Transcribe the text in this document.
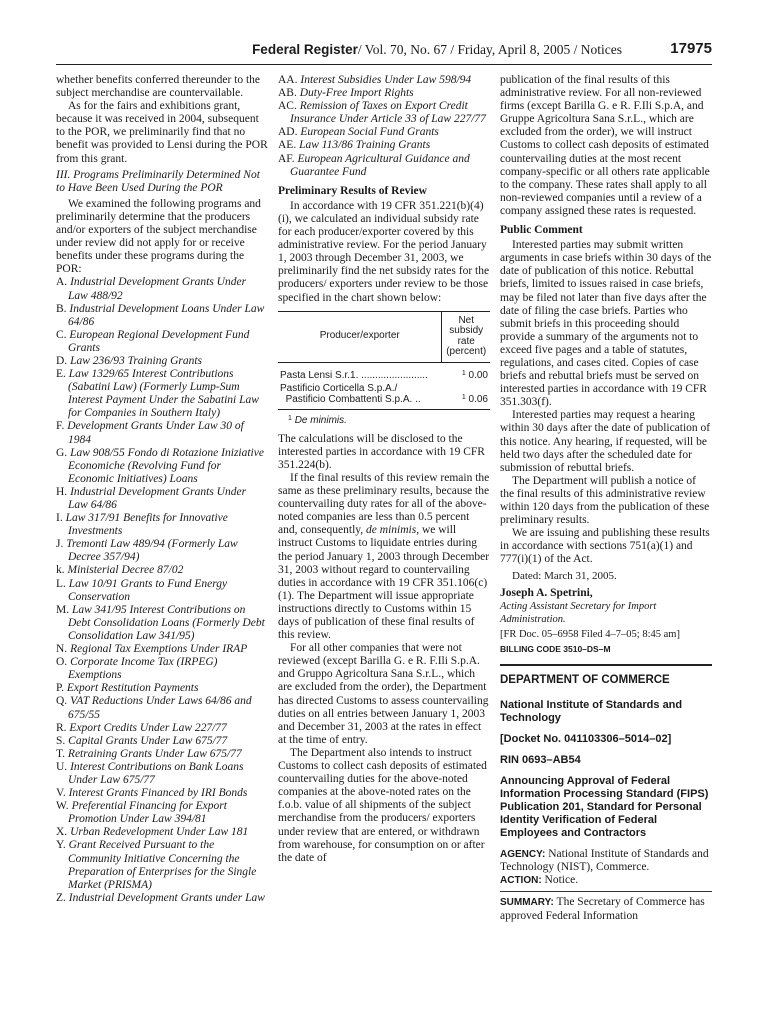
Federal Register/ Vol. 70, No. 67 / Friday, April 8, 2005 / Notices	17975

whether benefits conferred thereunder to the subject merchandise are countervailable.

As for the fairs and exhibitions grant, because it was received in 2004, subsequent to the POR, we preliminarily find that no benefit was provided to Lensi during the POR from this grant.

III. Programs Preliminarily Determined Not to Have Been Used During the POR

We examined the following programs and preliminarily determine that the producers and/or exporters of the subject merchandise under review did not apply for or receive benefits under these programs during the POR:

A. Industrial Development Grants Under Law 488/92

B. Industrial Development Loans Under Law 64/86

C. European Regional Development Fund Grants

D. Law 236/93 Training Grants

E. Law 1329/65 Interest Contributions (Sabatini Law) (Formerly Lump-Sum Interest Payment Under the Sabatini Law for Companies in Southern Italy)

F. Development Grants Under Law 30 of 1984

G. Law 908/55 Fondo di Rotazione Iniziative Economiche (Revolving Fund for Economic Initiatives) Loans

H. Industrial Development Grants Under Law 64/86

I. Law 317/91 Benefits for Innovative Investments

J. Tremonti Law 489/94 (Formerly Law Decree 357/94)

k. Ministerial Decree 87/02

L. Law 10/91 Grants to Fund Energy Conservation

M. Law 341/95 Interest Contributions on Debt Consolidation Loans (Formerly Debt Consolidation Law 341/95)

N. Regional Tax Exemptions Under IRAP

O. Corporate Income Tax (IRPEG) Exemptions

P. Export Restitution Payments

Q. VAT Reductions Under Laws 64/86 and 675/55

R. Export Credits Under Law 227/77

S. Capital Grants Under Law 675/77

T. Retraining Grants Under Law 675/77

U. Interest Contributions on Bank Loans Under Law 675/77

V. Interest Grants Financed by IRI Bonds

W. Preferential Financing for Export Promotion Under Law 394/81

X. Urban Redevelopment Under Law 181

Y. Grant Received Pursuant to the Community Initiative Concerning the Preparation of Enterprises for the Single Market (PRISMA)

Z. Industrial Development Grants under Law

AA. Interest Subsidies Under Law 598/94

AB. Duty-Free Import Rights

AC. Remission of Taxes on Export Credit Insurance Under Article 33 of Law 227/77

AD. European Social Fund Grants

AE. Law 113/86 Training Grants

AF. European Agricultural Guidance and Guarantee Fund

Preliminary Results of Review

In accordance with 19 CFR 351.221(b)(4)(i), we calculated an individual subsidy rate for each producer/exporter covered by this administrative review. For the period January 1, 2003 through December 31, 2003, we preliminarily find the net subsidy rates for the producers/ exporters under review to be those specified in the chart shown below:

Producer/exporter	Net
subsidy
rate
(percent)
Pasta Lensi S.r.1. ........................	$^1$ 0.00
Pastificio Corticella S.p.A./
Pastificio Combattenti S.p.A. ..	$^1$ 0.06

$^1$ De minimis.

The calculations will be disclosed to the interested parties in accordance with 19 CFR 351.224(b).

If the final results of this review remain the same as these preliminary results, because the countervailing duty rates for all of the above-noted companies are less than 0.5 percent and, consequently, de minimis, we will instruct Customs to liquidate entries during the period January 1, 2003 through December 31, 2003 without regard to countervailing duties in accordance with 19 CFR 351.106(c)(1). The Department will issue appropriate instructions directly to Customs within 15 days of publication of these final results of this review.

For all other companies that were not reviewed (except Barilla G. e R. F.Ili S.p.A. and Gruppo Agricoltura Sana S.r.L., which are excluded from the order), the Department has directed Customs to assess countervailing duties on all entries between January 1, 2003 and December 31, 2003 at the rates in effect at the time of entry.

The Department also intends to instruct Customs to collect cash deposits of estimated countervailing duties for the above-noted companies at the above-noted rates on the f.o.b. value of all shipments of the subject merchandise from the producers/ exporters under review that are entered, or withdrawn from warehouse, for consumption on or after the date of

publication of the final results of this administrative review. For all non-reviewed firms (except Barilla G. e R. F.Ili S.p.A, and Gruppe Agricoltura Sana S.r.L., which are excluded from the order), we will instruct Customs to collect cash deposits of estimated countervailing duties at the most recent company-specific or all others rate applicable to the company. These rates shall apply to all non-reviewed companies until a review of a company assigned these rates is requested.

Public Comment

Interested parties may submit written arguments in case briefs within 30 days of the date of publication of this notice. Rebuttal briefs, limited to issues raised in case briefs, may be filed not later than five days after the date of filing the case briefs. Parties who submit briefs in this proceeding should provide a summary of the arguments not to exceed five pages and a table of statutes, regulations, and cases cited. Copies of case briefs and rebuttal briefs must be served on interested parties in accordance with 19 CFR 351.303(f).

Interested parties may request a hearing within 30 days after the date of publication of this notice. Any hearing, if requested, will be held two days after the scheduled date for submission of rebuttal briefs.

The Department will publish a notice of the final results of this administrative review within 120 days from the publication of these preliminary results.

We are issuing and publishing these results in accordance with sections 751(a)(1) and 777(i)(1) of the Act.

Dated: March 31, 2005.

Joseph A. Spetrini,

Acting Assistant Secretary for Import Administration.

[FR Doc. 05–6958 Filed 4–7–05; 8:45 am]

BILLING CODE 3510–DS–M

DEPARTMENT OF COMMERCE

National Institute of Standards and Technology

[Docket No. 041103306–5014–02]

RIN 0693–AB54

Announcing Approval of Federal Information Processing Standard (FIPS) Publication 201, Standard for Personal Identity Verification of Federal Employees and Contractors

AGENCY: National Institute of Standards and Technology (NIST), Commerce.

ACTION: Notice.

SUMMARY: The Secretary of Commerce has approved Federal Information
